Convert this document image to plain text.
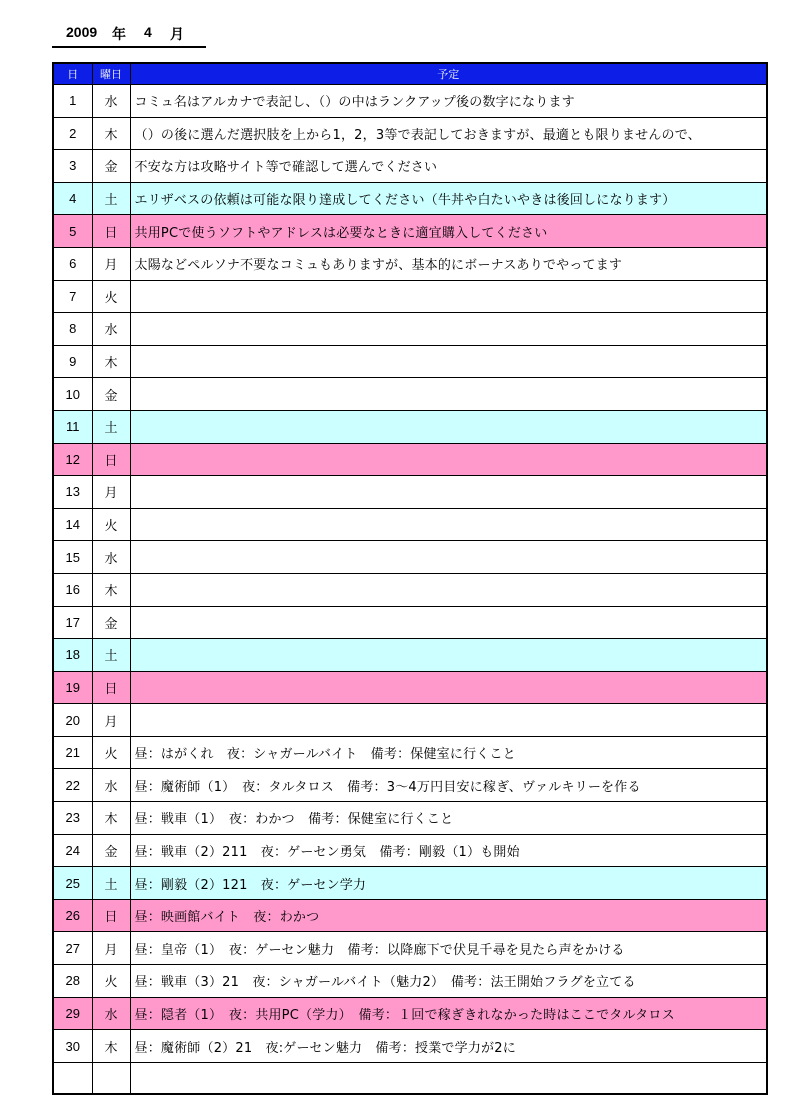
2009 年 4 月
日	曜日	予定
1	水	コミュ名はアルカナで表記し、（）の中はランクアップ後の数字になります
2	木	（）の後に選んだ選択肢を上から1，2，3等で表記しておきますが、最適とも限りませんので、
3	金	不安な方は攻略サイト等で確認して選んでください
4	土	エリザベスの依頼は可能な限り達成してください（牛丼や白たいやきは後回しになります）
5	日	共用PCで使うソフトやアドレスは必要なときに適宜購入してください
6	月	太陽などペルソナ不要なコミュもありますが、基本的にボーナスありでやってます
7	火	
8	水	
9	木	
10	金	
11	土	
12	日	
13	月	
14	火	
15	水	
16	木	
17	金	
18	土	
19	日	
20	月	
21	火	昼：はがくれ　夜：シャガールバイト　備考：保健室に行くこと
22	水	昼：魔術師（1）　夜：タルタロス　備考：3〜4万円目安に稼ぎ、ヴァルキリーを作る
23	木	昼：戦車（1）　夜：わかつ　備考：保健室に行くこと
24	金	昼：戦車（2）211　夜：ゲーセン勇気　備考：剛毅（1）も開始
25	土	昼：剛毅（2）121　夜：ゲーセン学力
26	日	昼：映画館バイト　夜：わかつ
27	月	昼：皇帝（1）　夜：ゲーセン魅力　備考：以降廊下で伏見千尋を見たら声をかける
28	火	昼：戦車（3）21　夜：シャガールバイト（魅力2）　備考：法王開始フラグを立てる
29	水	昼：隠者（1）　夜：共用PC（学力）　備考：１回で稼ぎきれなかった時はここでタルタロス
30	木	昼：魔術師（2）21　夜:ゲーセン魅力　備考：授業で学力が2に
